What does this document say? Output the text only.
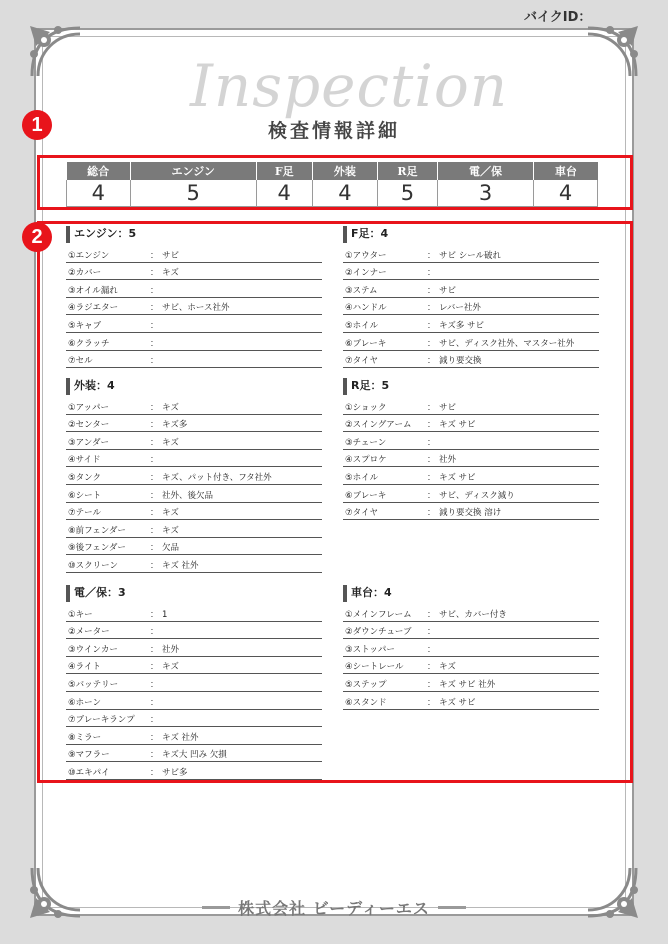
バイクID：
Inspection
検査情報詳細
1
2
総合	エンジン	F足	外装	R足	電／保	車台
4	5	4	4	5	3	4
エンジン：5
①エンジン	： サビ
②カバー	： キズ
③オイル漏れ	：
④ラジエター	： サビ、ホース社外
⑤キャブ	：
⑥クラッチ	：
⑦セル	：
F足：4
①アウター	： サビ シール破れ
②インナー	：
③ステム	： サビ
④ハンドル	： レバー社外
⑤ホイル	： キズ多 サビ
⑥ブレーキ	： サビ、ディスク社外、マスター社外
⑦タイヤ	： 減り要交換
外装：4
①アッパー	： キズ
②センター	： キズ多
③アンダー	： キズ
④サイド	：
⑤タンク	： キズ、パット付き、フタ社外
⑥シート	： 社外、後欠品
⑦テール	： キズ
⑧前フェンダー	： キズ
⑨後フェンダー	： 欠品
⑩スクリーン	： キズ 社外
R足：5
①ショック	： サビ
②スイングアーム	： キズ サビ
③チェーン	：
④スプロケ	： 社外
⑤ホイル	： キズ サビ
⑥ブレーキ	： サビ、ディスク減り
⑦タイヤ	： 減り要交換 溶け
電／保：3
①キー	： 1
②メーター	：
③ウインカー	： 社外
④ライト	： キズ
⑤バッテリー	：
⑥ホーン	：
⑦ブレーキランプ	：
⑧ミラー	： キズ 社外
⑨マフラー	： キズ大 凹み 欠損
⑩エキパイ	： サビ多
車台：4
①メインフレーム	： サビ、カバー付き
②ダウンチューブ	：
③ストッパー	：
④シートレール	： キズ
⑤ステップ	： キズ サビ 社外
⑥スタンド	： キズ サビ
株式会社 ビーディーエス
